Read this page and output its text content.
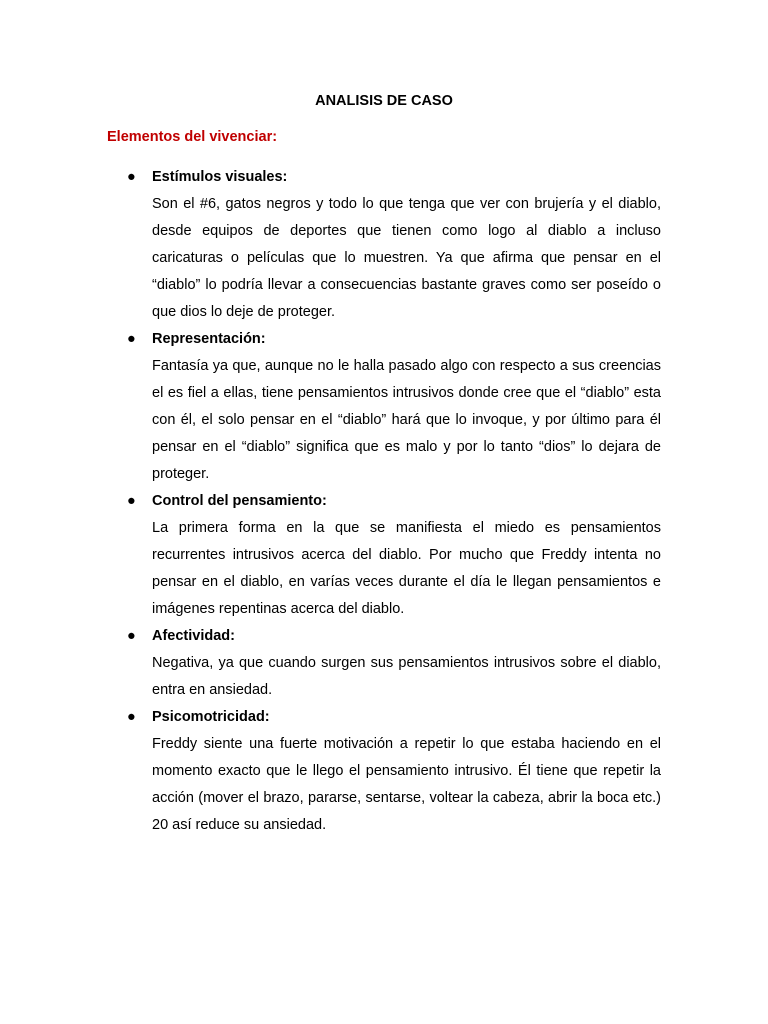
ANALISIS DE CASO
Elementos del vivenciar:
● Estímulos visuales:
Son el #6, gatos negros y todo lo que tenga que ver con brujería y el diablo, desde equipos de deportes que tienen como logo al diablo a incluso caricaturas o películas que lo muestren. Ya que afirma que pensar en el “diablo” lo podría llevar a consecuencias bastante graves como ser poseído o que dios lo deje de proteger.
● Representación:
Fantasía ya que, aunque no le halla pasado algo con respecto a sus creencias el es fiel a ellas, tiene pensamientos intrusivos donde cree que el “diablo” esta con él, el solo pensar en el “diablo” hará que lo invoque, y por último para él pensar en el “diablo” significa que es malo y por lo tanto “dios” lo dejara de proteger.
● Control del pensamiento:
La primera forma en la que se manifiesta el miedo es pensamientos recurrentes intrusivos acerca del diablo. Por mucho que Freddy intenta no pensar en el diablo, en varías veces durante el día le llegan pensamientos e imágenes repentinas acerca del diablo.
● Afectividad:
Negativa, ya que cuando surgen sus pensamientos intrusivos sobre el diablo, entra en ansiedad.
● Psicomotricidad:
Freddy siente una fuerte motivación a repetir lo que estaba haciendo en el momento exacto que le llego el pensamiento intrusivo. Él tiene que repetir la acción (mover el brazo, pararse, sentarse, voltear la cabeza, abrir la boca etc.) 20 así reduce su ansiedad.
